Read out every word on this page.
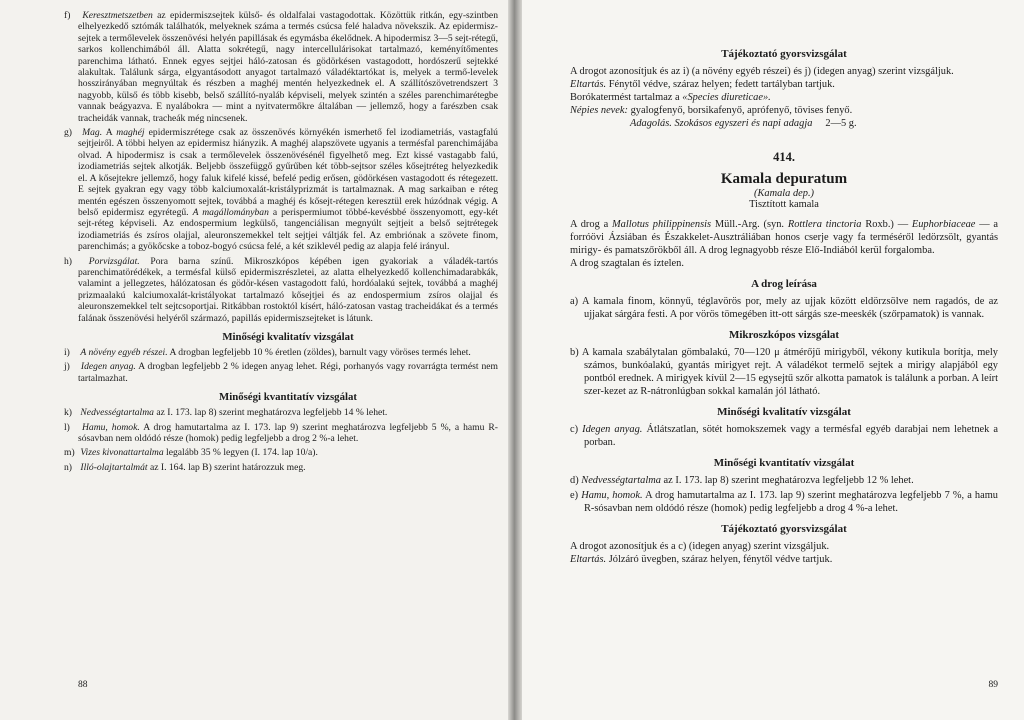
f) Keresztmetszetben az epidermiszsejtek külső- és oldalfalai vastagodottak. Közöttük ritkán, egy-szintben elhelyezkedő sztómák találhatók, melyeknek száma a termés csúcsa felé haladva növekszik. Az epidermisz-sejtek a termőlevelek összenövési helyén papillásak és egymásba ékelődnek. A hipodermisz 3—5 sejt-rétegű, sarkos kollenchimából áll. Alatta sokrétegű, nagy intercellulárisokat tartalmazó, keményítőmentes parenchima látható. Ennek egyes sejtjei háló-zatosan és gödörkésen vastagodott, hordószerű sejtekké alakultak. Találunk sárga, elgyantásodott anyagot tartalmazó váladéktartókat is, melyek a termő-levelek hosszirányában megnyúltak és részben a maghéj mentén helyezkednek el. A szállítószövetrendszert 3 nagyobb, külső és több kisebb, belső szállító-nyaláb képviseli, melyek szintén a széles parenchimarétegbe vannak beágyazva. E nyalábokra — mint a nyitvatermőkre általában — jellemző, hogy a farészben csak tracheidák vannak, tracheák még nincsenek.

g) Mag. A maghéj epidermiszrétege csak az összenövés környékén ismerhető fel izodiametriás, vastagfalú sejtjeiről. A többi helyen az epidermisz hiányzik. A maghéj alapszövete ugyanis a termésfal parenchimájába olvad. A hipodermisz is csak a termőlevelek összenövésénél figyelhető meg. Ezt kissé vastagabb falú, izodiametriás sejtek alkotják. Beljebb összefüggő gyűrűben két több-sejtsor széles kősejtréteg helyezkedik el. A kősejtekre jellemző, hogy faluk kifelé kissé, befelé pedig erősen, gödörkésen vastagodott és rétegezett. E sejtek gyakran egy vagy több kalciumoxalát-kristályprizmát is tartalmaznak. A mag sarkaiban e réteg mentén egészen összenyomott sejtek, továbbá a maghéj és kősejt-rétegen keresztül erek húzódnak végig. A belső epidermisz egyrétegű. A magállományban a perispermiumot többé-kevésbbé összenyomott, egy-két sejt-réteg képviseli. Az endospermium legkülső, tangenciálisan megnyúlt sejtjeit a belső sejtrétegek izodiametriás és zsíros olajjal, aleuronszemekkel telt sejtjei váltják fel. Az embriónak a szövete finom, parenchimás; a gyökőcske a toboz-bogyó csúcsa felé, a két sziklevél pedig az alapja felé irányul.

h) Porvizsgálat. Pora barna színű. Mikroszkópos képében igen gyakoriak a váladék-tartós parenchimatörédékek, a termésfal külső epidermiszrészletei, az alatta elhelyezkedő kollenchimadarabkák, valamint a jellegzetes, hálózatosan és gödör-késen vastagodott falú, hordóalakú sejtek, továbbá a maghéj prizmaalakú kalciumoxalát-kristályokat tartalmazó kősejtjei és az endospermium zsíros olajjal és aleuronszemekkel telt sejtcsoportjai. Ritkábban rostoktól kísért, háló-zatosan vastag tracheidákat és a termés falának összenövési helyéről származó, papillás epidermiszsejteket is látunk.

Minőségi kvalitatív vizsgálat

i) A növény egyéb részei. A drogban legfeljebb 10 % éretlen (zöldes), barnult vagy vöröses termés lehet.

j) Idegen anyag. A drogban legfeljebb 2 % idegen anyag lehet. Régi, porhanyós vagy rovarrágta termést nem tartalmazhat.

Minőségi kvantitatív vizsgálat

k) Nedvességtartalma az I. 173. lap 8) szerint meghatározva legfeljebb 14 % lehet.

l) Hamu, homok. A drog hamutartalma az I. 173. lap 9) szerint meghatározva legfeljebb 5 %, a hamu R-sósavban nem oldódó része (homok) pedig legfeljebb a drog 2 %-a lehet.

m) Vizes kivonattartalma legalább 35 % legyen (I. 174. lap 10/a).

n) Illó-olajtartalmát az I. 164. lap B) szerint határozzuk meg.

88
Tájékoztató gyorsvizsgálat

A drogot azonosítjuk és az i) (a növény egyéb részei) és j) (idegen anyag) szerint vizsgáljuk.

Eltartás. Fénytől védve, száraz helyen; fedett tartályban tartjuk.

Borókatermést tartalmaz a «Species diureticae».

Népies nevek: gyalogfenyő, borsikafenyő, aprófenyő, tövises fenyő.

Adagolás. Szokásos egyszeri és napi adagja 2—5 g.

414.
Kamala depuratum
(Kamala dep.)
Tisztított kamala

A drog a Mallotus philippinensis Müll.-Arg. (syn. Rottlera tinctoria Roxb.) — Euphorbiaceae — a forróövi Ázsiában és Északkelet-Ausztráliában honos cserje vagy fa terméséről ledörzsölt, gyantás mirigy- és pamatszőrökből áll. A drog legnagyobb része Elő-Indiából kerül forgalomba.

A drog szagtalan és íztelen.

A drog leírása

a) A kamala finom, könnyű, téglavörös por, mely az ujjak között eldörzsölve nem ragadós, de az ujjakat sárgára festi. A por vörös tömegében itt-ott sárgás sze-meeskék (szőrpamatok) is vannak.

Mikroszkópos vizsgálat

b) A kamala szabálytalan gömbalakú, 70—120 μ átmérőjű mirigyből, vékony kutikula borítja, mely számos, bunkóalakú, gyantás mirigyet rejt. A váladékot termelő sejtek a mirigy alapjából egy pontból erednek. A mirigyek kívül 2—15 egysejtű szőr alkotta pamatok is találunk a porban. A leírt szer-kezet az R-nátronlúgban sokkal kamalán jól látható.

Minőségi kvalitatív vizsgálat

c) Idegen anyag. Átlátszatlan, sötét homokszemek vagy a termésfal egyéb darabjai nem lehetnek a porban.

Minőségi kvantitatív vizsgálat

d) Nedvességtartalma az I. 173. lap 8) szerint meghatározva legfeljebb 12 % lehet.

e) Hamu, homok. A drog hamutartalma az I. 173. lap 9) szerint meghatározva legfeljebb 7 %, a hamu R-sósavban nem oldódó része (homok) pedig legfeljebb a drog 4 %-a lehet.

Tájékoztató gyorsvizsgálat

A drogot azonosítjuk és a c) (idegen anyag) szerint vizsgáljuk.

Eltartás. Jólzáró üvegben, száraz helyen, fénytől védve tartjuk.

89
